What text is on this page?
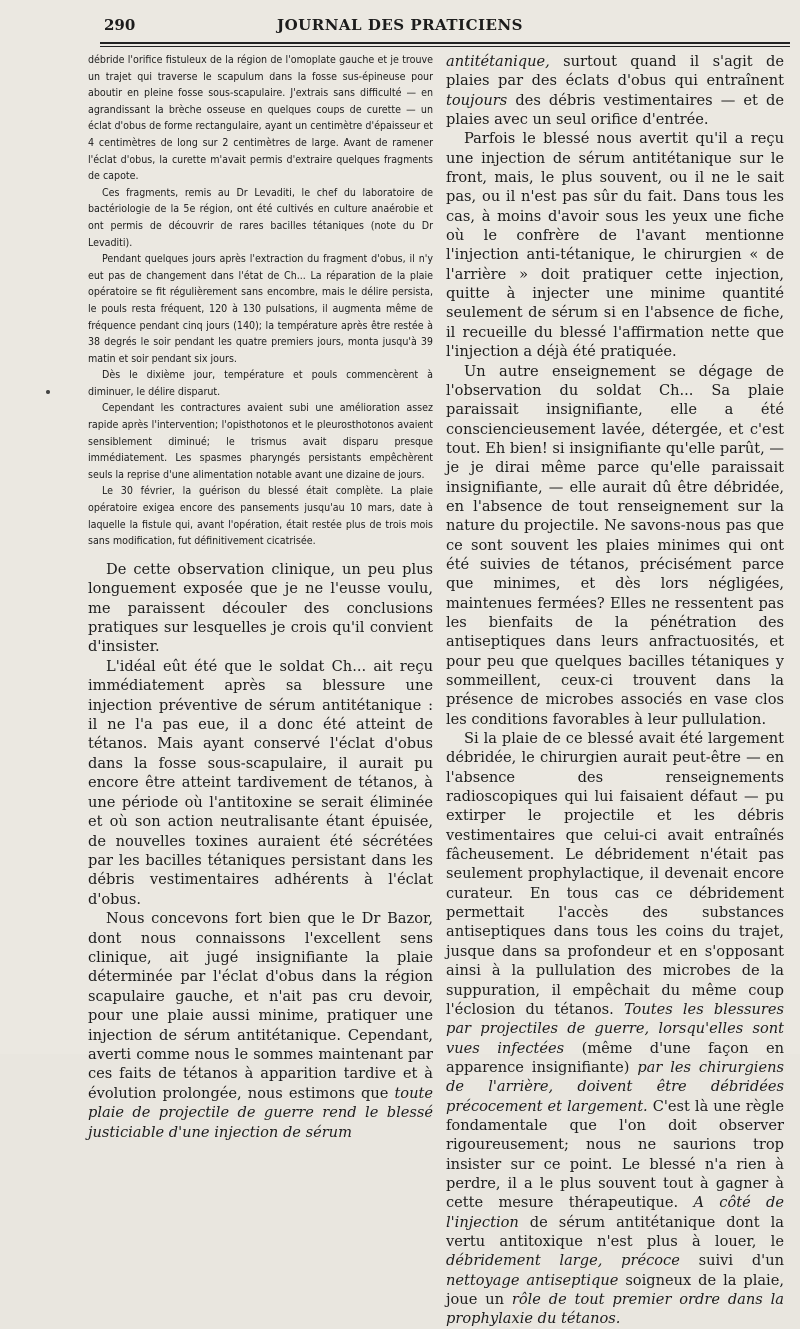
290	JOURNAL DES PRATICIENS

débride l'orifice fistuleux de la région de l'omoplate gauche et je trouve un trajet qui traverse le scapulum dans la fosse sus-épineuse pour aboutir en pleine fosse sous-scapulaire. J'extrais sans difficulté — en agrandissant la brèche osseuse en quelques coups de curette — un éclat d'obus de forme rectangulaire, ayant un centimètre d'épaisseur et 4 centimètres de long sur 2 centimètres de large. Avant de ramener l'éclat d'obus, la curette m'avait permis d'extraire quelques fragments de capote.

Ces fragments, remis au Dr Levaditi, le chef du laboratoire de bactériologie de la 5e région, ont été cultivés en culture anaérobie et ont permis de découvrir de rares bacilles tétaniques (note du Dr Levaditi).

Pendant quelques jours après l'extraction du fragment d'obus, il n'y eut pas de changement dans l'état de Ch... La réparation de la plaie opératoire se fit régulièrement sans encombre, mais le délire persista, le pouls resta fréquent, 120 à 130 pulsations, il augmenta même de fréquence pendant cinq jours (140); la température après être restée à 38 degrés le soir pendant les quatre premiers jours, monta jusqu'à 39 matin et soir pendant six jours.

Dès le dixième jour, température et pouls commencèrent à diminuer, le délire disparut.

Cependant les contractures avaient subi une amélioration assez rapide après l'intervention; l'opisthotonos et le pleurosthotonos avaient sensiblement diminué; le trismus avait disparu presque immédiatement. Les spasmes pharyngés persistants empêchèrent seuls la reprise d'une alimentation notable avant une dizaine de jours.

Le 30 février, la guérison du blessé était complète. La plaie opératoire exigea encore des pansements jusqu'au 10 mars, date à laquelle la fistule qui, avant l'opération, était restée plus de trois mois sans modification, fut définitivement cicatrisée.

De cette observation clinique, un peu plus longuement exposée que je ne l'eusse voulu, me paraissent découler des conclusions pratiques sur lesquelles je crois qu'il convient d'insister.

L'idéal eût été que le soldat Ch... ait reçu immédiatement après sa blessure une injection préventive de sérum antitétanique : il ne l'a pas eue, il a donc été atteint de tétanos. Mais ayant conservé l'éclat d'obus dans la fosse sous-scapulaire, il aurait pu encore être atteint tardivement de tétanos, à une période où l'antitoxine se serait éliminée et où son action neutralisante étant épuisée, de nouvelles toxines auraient été sécrétées par les bacilles tétaniques persistant dans les débris vestimentaires adhérents à l'éclat d'obus.

Nous concevons fort bien que le Dr Bazor, dont nous connaissons l'excellent sens clinique, ait jugé insignifiante la plaie déterminée par l'éclat d'obus dans la région scapulaire gauche, et n'ait pas cru devoir, pour une plaie aussi minime, pratiquer une injection de sérum antitétanique. Cependant, averti comme nous le sommes maintenant par ces faits de tétanos à apparition tardive et à évolution prolongée, nous estimons que toute plaie de projectile de guerre rend le blessé justiciable d'une injection de sérum

antitétanique, surtout quand il s'agit de plaies par des éclats d'obus qui entraînent toujours des débris vestimentaires — et de plaies avec un seul orifice d'entrée.

Parfois le blessé nous avertit qu'il a reçu une injection de sérum antitétanique sur le front, mais, le plus souvent, ou il ne le sait pas, ou il n'est pas sûr du fait. Dans tous les cas, à moins d'avoir sous les yeux une fiche où le confrère de l'avant mentionne l'injection anti-tétanique, le chirurgien « de l'arrière » doit pratiquer cette injection, quitte à injecter une minime quantité seulement de sérum si en l'absence de fiche, il recueille du blessé l'affirmation nette que l'injection a déjà été pratiquée.

Un autre enseignement se dégage de l'observation du soldat Ch... Sa plaie paraissait insignifiante, elle a été consciencieusement lavée, détergée, et c'est tout. Eh bien! si insignifiante qu'elle parût, — je je dirai même parce qu'elle paraissait insignifiante, — elle aurait dû être débridée, en l'absence de tout renseignement sur la nature du projectile. Ne savons-nous pas que ce sont souvent les plaies minimes qui ont été suivies de tétanos, précisément parce que minimes, et dès lors négligées, maintenues fermées? Elles ne ressentent pas les bienfaits de la pénétration des antiseptiques dans leurs anfractuosités, et pour peu que quelques bacilles tétaniques y sommeillent, ceux-ci trouvent dans la présence de microbes associés en vase clos les conditions favorables à leur pullulation.

Si la plaie de ce blessé avait été largement débridée, le chirurgien aurait peut-être — en l'absence des renseignements radioscopiques qui lui faisaient défaut — pu extirper le projectile et les débris vestimentaires que celui-ci avait entraînés fâcheusement. Le débridement n'était pas seulement prophylactique, il devenait encore curateur. En tous cas ce débridement permettait l'accès des substances antiseptiques dans tous les coins du trajet, jusque dans sa profondeur et en s'opposant ainsi à la pullulation des microbes de la suppuration, il empêchait du même coup l'éclosion du tétanos. Toutes les blessures par projectiles de guerre, lorsqu'elles sont vues infectées (même d'une façon en apparence insignifiante) par les chirurgiens de l'arrière, doivent être débridées précocement et largement. C'est là une règle fondamentale que l'on doit observer rigoureusement; nous ne saurions trop insister sur ce point. Le blessé n'a rien à perdre, il a le plus souvent tout à gagner à cette mesure thérapeutique. A côté de l'injection de sérum antitétanique dont la vertu antitoxique n'est plus à louer, le débridement large, précoce suivi d'un nettoyage antiseptique soigneux de la plaie, joue un rôle de tout premier ordre dans la prophylaxie du tétanos.
